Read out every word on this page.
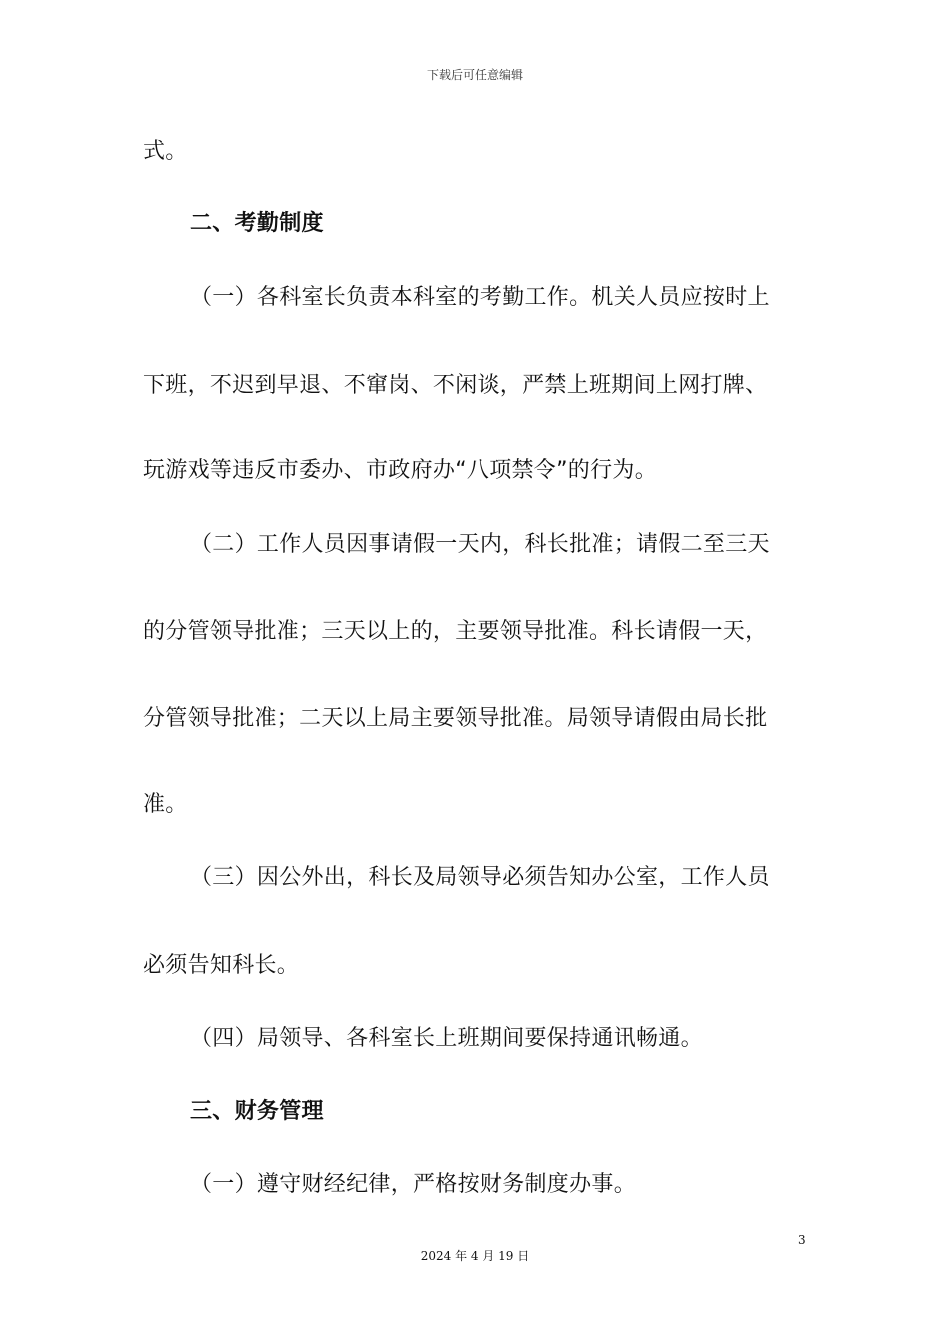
下载后可任意编辑
式。
二、考勤制度
（一）各科室长负责本科室的考勤工作。机关人员应按时上
下班，不迟到早退、不窜岗、不闲谈，严禁上班期间上网打牌、
玩游戏等违反市委办、市政府办“八项禁令”的行为。
（二）工作人员因事请假一天内，科长批准；请假二至三天
的分管领导批准；三天以上的，主要领导批准。科长请假一天，
分管领导批准；二天以上局主要领导批准。局领导请假由局长批
准。
（三）因公外出，科长及局领导必须告知办公室，工作人员
必须告知科长。
（四）局领导、各科室长上班期间要保持通讯畅通。
三、财务管理
（一）遵守财经纪律，严格按财务制度办事。
3
2024 年 4 月 19 日
